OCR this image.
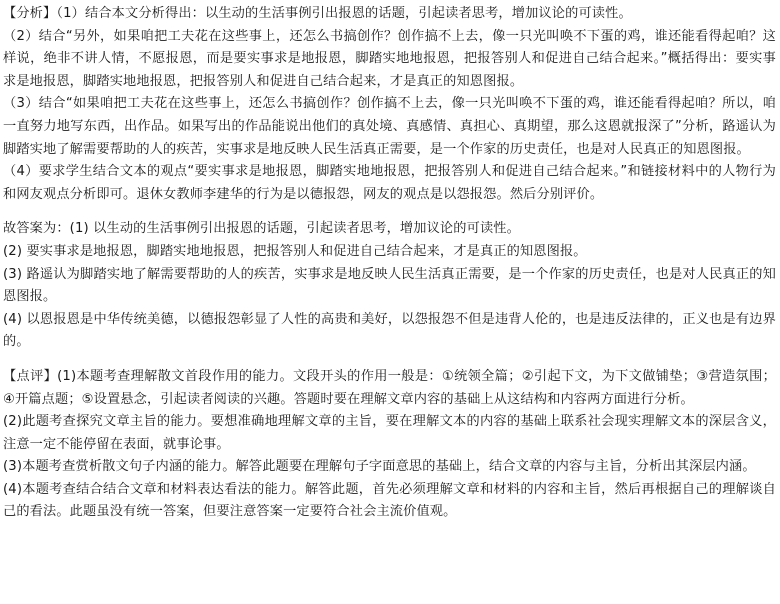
【分析】（1）结合本文分析得出：以生动的生活事例引出报恩的话题，引起读者思考，增加议论的可读性。

（2）结合“另外，如果咱把工夫花在这些事上，还怎么书搞创作？创作搞不上去，像一只光叫唤不下蛋的鸡，谁还能看得起咱？这样说，绝非不讲人情，不愿报恩，而是要实事求是地报恩，脚踏实地地报恩，把报答别人和促进自己结合起来。”概括得出：要实事求是地报恩，脚踏实地地报恩，把报答别人和促进自己结合起来，才是真正的知恩图报。

（3）结合“如果咱把工夫花在这些事上，还怎么书搞创作？创作搞不上去，像一只光叫唤不下蛋的鸡，谁还能看得起咱？所以，咱一直努力地写东西，出作品。如果写出的作品能说出他们的真处境、真感情、真担心、真期望，那么这恩就报深了”分析，路遥认为脚踏实地了解需要帮助的人的疾苦，实事求是地反映人民生活真正需要，是一个作家的历史责任，也是对人民真正的知恩图报。

（4）要求学生结合文本的观点“要实事求是地报恩，脚踏实地地报恩，把报答别人和促进自己结合起来。”和链接材料中的人物行为和网友观点分析即可。退休女教师李建华的行为是以德报怨，网友的观点是以怨报怨。然后分别评价。

故答案为：(1) 以生动的生活事例引出报恩的话题，引起读者思考，增加议论的可读性。

(2) 要实事求是地报恩，脚踏实地地报恩，把报答别人和促进自己结合起来，才是真正的知恩图报。

(3) 路遥认为脚踏实地了解需要帮助的人的疾苦，实事求是地反映人民生活真正需要，是一个作家的历史责任，也是对人民真正的知恩图报。

(4) 以恩报恩是中华传统美德，以德报怨彰显了人性的高贵和美好，以怨报怨不但是违背人伦的，也是违反法律的，正义也是有边界的。

【点评】(1)本题考查理解散文首段作用的能力。文段开头的作用一般是：①统领全篇；②引起下文，为下文做铺垫；③营造氛围；④开篇点题；⑤设置悬念，引起读者阅读的兴趣。答题时要在理解文章内容的基础上从这结构和内容两方面进行分析。

(2)此题考查探究文章主旨的能力。要想准确地理解文章的主旨，要在理解文本的内容的基础上联系社会现实理解文本的深层含义，注意一定不能停留在表面，就事论事。

(3)本题考查赏析散文句子内涵的能力。解答此题要在理解句子字面意思的基础上，结合文章的内容与主旨，分析出其深层内涵。

(4)本题考查结合结合文章和材料表达看法的能力。解答此题，首先必须理解文章和材料的内容和主旨，然后再根据自己的理解谈自己的看法。此题虽没有统一答案，但要注意答案一定要符合社会主流价值观。
